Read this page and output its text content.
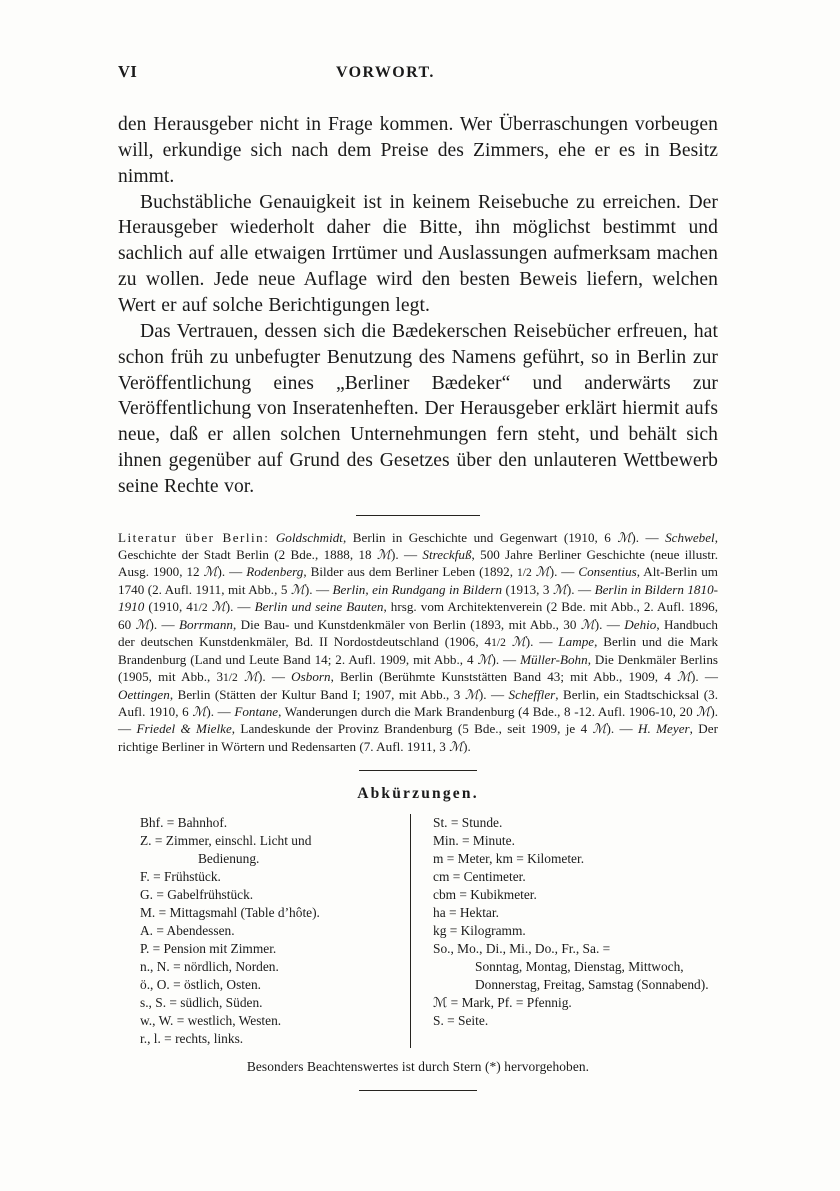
VI	VORWORT.

den Herausgeber nicht in Frage kommen. Wer Überraschungen vorbeugen will, erkundige sich nach dem Preise des Zimmers, ehe er es in Besitz nimmt.

Buchstäbliche Genauigkeit ist in keinem Reisebuche zu erreichen. Der Herausgeber wiederholt daher die Bitte, ihn möglichst bestimmt und sachlich auf alle etwaigen Irrtümer und Auslassungen aufmerksam machen zu wollen. Jede neue Auflage wird den besten Beweis liefern, welchen Wert er auf solche Berichtigungen legt.

Das Vertrauen, dessen sich die Bædekerschen Reisebücher erfreuen, hat schon früh zu unbefugter Benutzung des Namens geführt, so in Berlin zur Veröffentlichung eines „Berliner Bædeker“ und anderwärts zur Veröffentlichung von Inseratenheften. Der Herausgeber erklärt hiermit aufs neue, daß er allen solchen Unternehmungen fern steht, und behält sich ihnen gegenüber auf Grund des Gesetzes über den unlauteren Wettbewerb seine Rechte vor.

Literatur über Berlin: Goldschmidt, Berlin in Geschichte und Gegenwart (1910, 6 ℳ). — Schwebel, Geschichte der Stadt Berlin (2 Bde., 1888, 18 ℳ). — Streckfuß, 500 Jahre Berliner Geschichte (neue illustr. Ausg. 1900, 12 ℳ). — Rodenberg, Bilder aus dem Berliner Leben (1892, 1/2 ℳ). — Consentius, Alt-Berlin um 1740 (2. Aufl. 1911, mit Abb., 5 ℳ). — Berlin, ein Rundgang in Bildern (1913, 3 ℳ). — Berlin in Bildern 1810-1910 (1910, 41/2 ℳ). — Berlin und seine Bauten, hrsg. vom Architektenverein (2 Bde. mit Abb., 2. Aufl. 1896, 60 ℳ). — Borrmann, Die Bau- und Kunstdenkmäler von Berlin (1893, mit Abb., 30 ℳ). — Dehio, Handbuch der deutschen Kunstdenkmäler, Bd. II Nordostdeutschland (1906, 41/2 ℳ). — Lampe, Berlin und die Mark Brandenburg (Land und Leute Band 14; 2. Aufl. 1909, mit Abb., 4 ℳ). — Müller-Bohn, Die Denkmäler Berlins (1905, mit Abb., 31/2 ℳ). — Osborn, Berlin (Berühmte Kunststätten Band 43; mit Abb., 1909, 4 ℳ). — Oettingen, Berlin (Stätten der Kultur Band I; 1907, mit Abb., 3 ℳ). — Scheffler, Berlin, ein Stadtschicksal (3. Aufl. 1910, 6 ℳ). — Fontane, Wanderungen durch die Mark Brandenburg (4 Bde., 8 -12. Aufl. 1906-10, 20 ℳ). — Friedel & Mielke, Landeskunde der Provinz Brandenburg (5 Bde., seit 1909, je 4 ℳ). — H. Meyer, Der richtige Berliner in Wörtern und Redensarten (7. Aufl. 1911, 3 ℳ).
Abkürzungen.

Bhf. = Bahnhof.

Z. = Zimmer, einschl. Licht und
Bedienung.

F. = Frühstück.

G. = Gabelfrühstück.

M. = Mittagsmahl (Table d’hôte).

A. = Abendessen.

P. = Pension mit Zimmer.

n., N. = nördlich, Norden.

ö., O. = östlich, Osten.

s., S. = südlich, Süden.

w., W. = westlich, Westen.

r., l. = rechts, links.

St. = Stunde.

Min. = Minute.

m = Meter, km = Kilometer.

cm = Centimeter.

cbm = Kubikmeter.

ha = Hektar.

kg = Kilogramm.

So., Mo., Di., Mi., Do., Fr., Sa. =
Sonntag, Montag, Dienstag, Mittwoch, Donnerstag, Freitag, Samstag (Sonnabend).

ℳ = Mark, Pf. = Pfennig.

S. = Seite.

Besonders Beachtenswertes ist durch Stern (*) hervorgehoben.
